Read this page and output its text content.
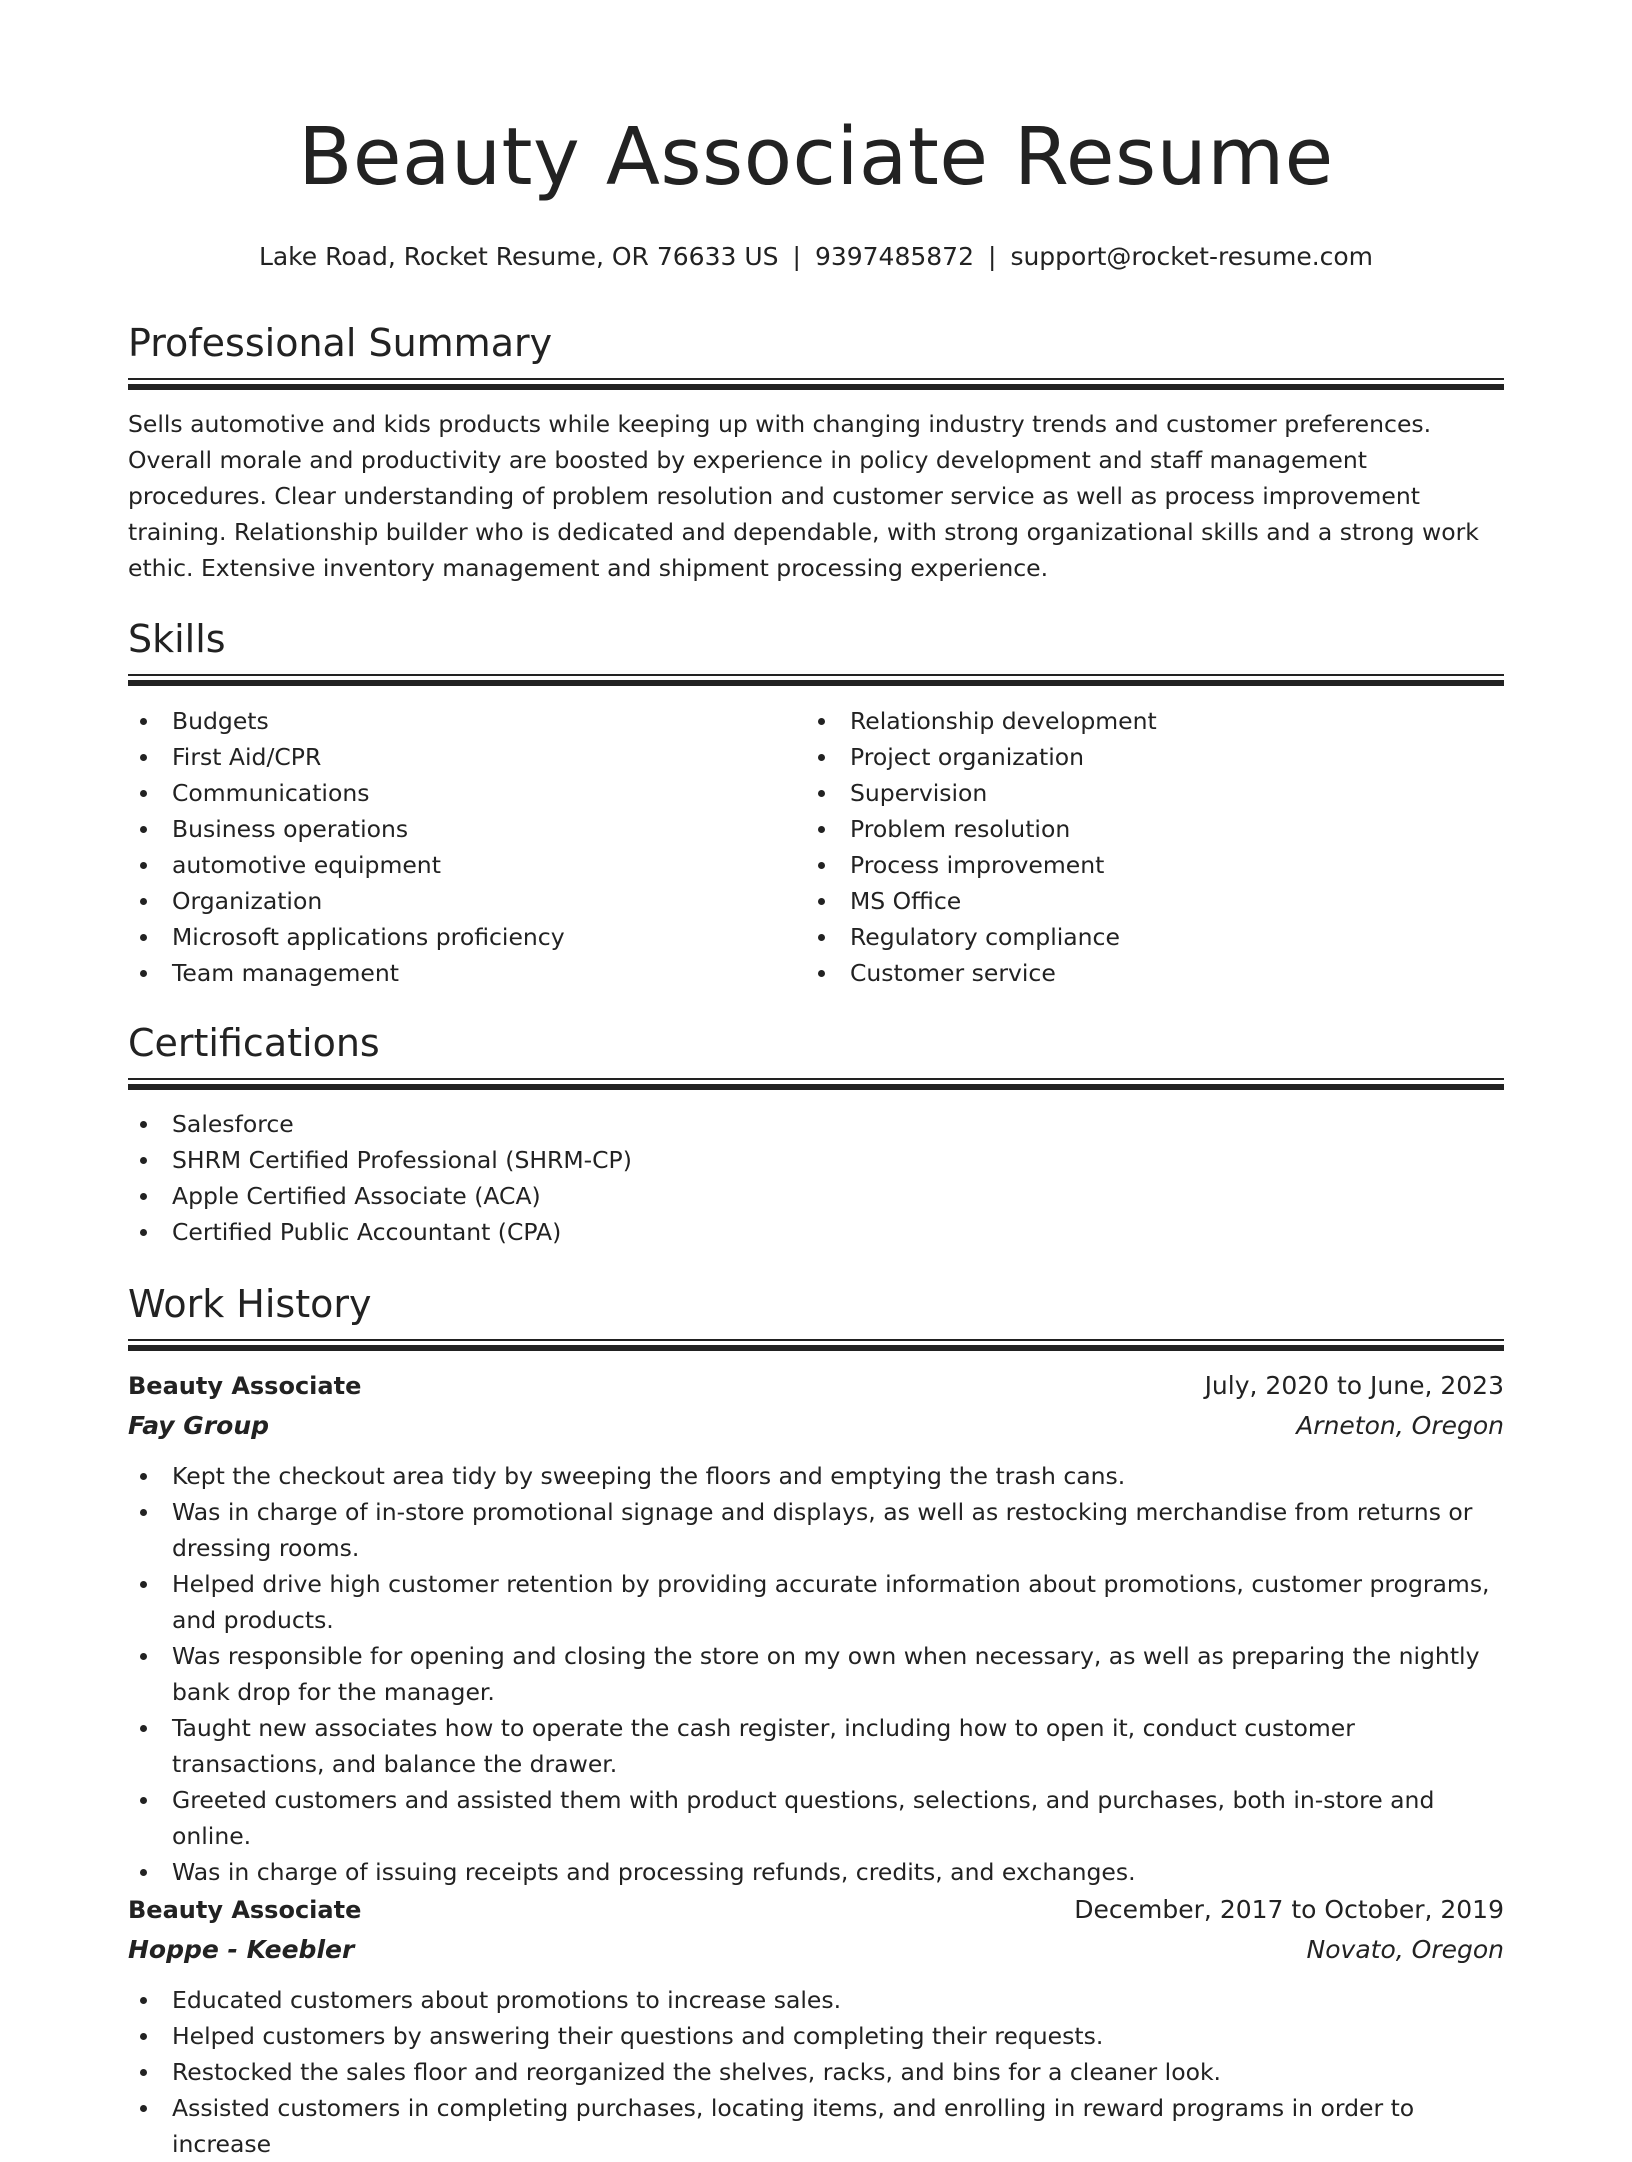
Beauty Associate Resume
Lake Road, Rocket Resume, OR 76633 US | 9397485872 | support@rocket-resume.com
Professional Summary

Sells automotive and kids products while keeping up with changing industry trends and customer preferences. Overall morale and productivity are boosted by experience in policy development and staff management procedures. Clear understanding of problem resolution and customer service as well as process improvement training. Relationship builder who is dedicated and dependable, with strong organizational skills and a strong work ethic. Extensive inventory management and shipment processing experience.

Skills
Budgets
First Aid/CPR
Communications
Business operations
automotive equipment
Organization
Microsoft applications proficiency
Team management
Relationship development
Project organization
Supervision
Problem resolution
Process improvement
MS Office
Regulatory compliance
Customer service
Certifications
Salesforce
SHRM Certified Professional (SHRM-CP)
Apple Certified Associate (ACA)
Certified Public Accountant (CPA)
Work History
Beauty Associate	July, 2020 to June, 2023
Fay Group	Arneton, Oregon
Kept the checkout area tidy by sweeping the floors and emptying the trash cans.
Was in charge of in-store promotional signage and displays, as well as restocking merchandise from returns or dressing rooms.
Helped drive high customer retention by providing accurate information about promotions, customer programs, and products.
Was responsible for opening and closing the store on my own when necessary, as well as preparing the nightly bank drop for the manager.
Taught new associates how to operate the cash register, including how to open it, conduct customer transactions, and balance the drawer.
Greeted customers and assisted them with product questions, selections, and purchases, both in-store and online.
Was in charge of issuing receipts and processing refunds, credits, and exchanges.
Beauty Associate	December, 2017 to October, 2019
Hoppe - Keebler	Novato, Oregon
Educated customers about promotions to increase sales.
Helped customers by answering their questions and completing their requests.
Restocked the sales floor and reorganized the shelves, racks, and bins for a cleaner look.
Assisted customers in completing purchases, locating items, and enrolling in reward programs in order to increase
